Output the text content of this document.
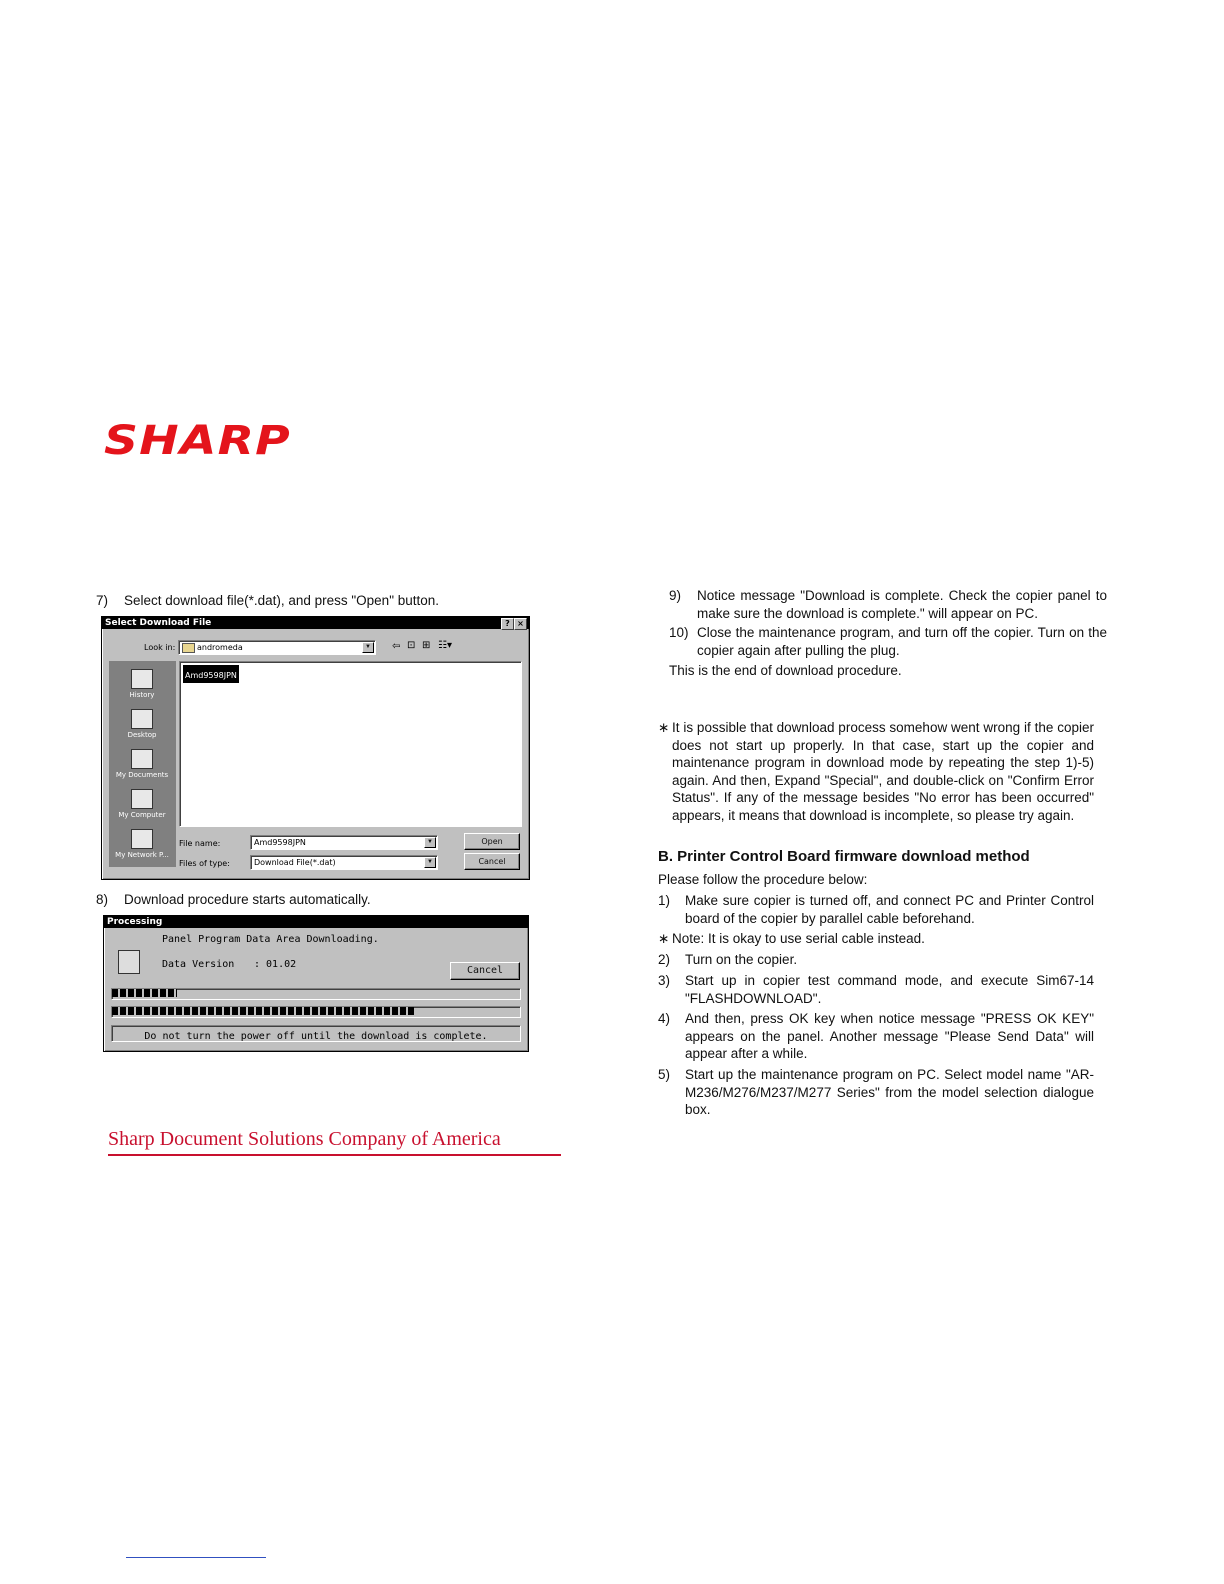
SHARP
7) Select download file(*.dat), and press "Open" button.
Select Download File	? ×
Look in:	andromeda	▼	⇦ ⊡ ⊞ ☷▾
History
Desktop
My Documents
My Computer
My Network P...
Amd9598JPN
File name:	Amd9598JPN	▼
Files of type:	Download File(*.dat)	▼
Open
Cancel
8) Download procedure starts automatically.
Processing
Panel Program Data Area Downloading.
Data Version : 01.02
Cancel
Do not turn the power off until the download is complete.
Sharp Document Solutions Company of America
9) Notice message "Download is complete. Check the copier panel to make sure the download is complete." will appear on PC.
10) Close the maintenance program, and turn off the copier. Turn on the copier again after pulling the plug.
This is the end of download procedure.
∗ It is possible that download process somehow went wrong if the copier does not start up properly. In that case, start up the copier and maintenance program in download mode by repeating the step 1)-5) again. And then, Expand "Special", and double-click on "Confirm Error Status". If any of the message besides "No error has been occurred" appears, it means that download is incomplete, so please try again.
B. Printer Control Board firmware download method
Please follow the procedure below:
1) Make sure copier is turned off, and connect PC and Printer Control board of the copier by parallel cable beforehand.
∗ Note: It is okay to use serial cable instead.
2) Turn on the copier.
3) Start up in copier test command mode, and execute Sim67-14 "FLASHDOWNLOAD".
4) And then, press OK key when notice message "PRESS OK KEY" appears on the panel. Another message "Please Send Data" will appear after a while.
5) Start up the maintenance program on PC. Select model name "AR-M236/M276/M237/M277 Series" from the model selection dialogue box.
